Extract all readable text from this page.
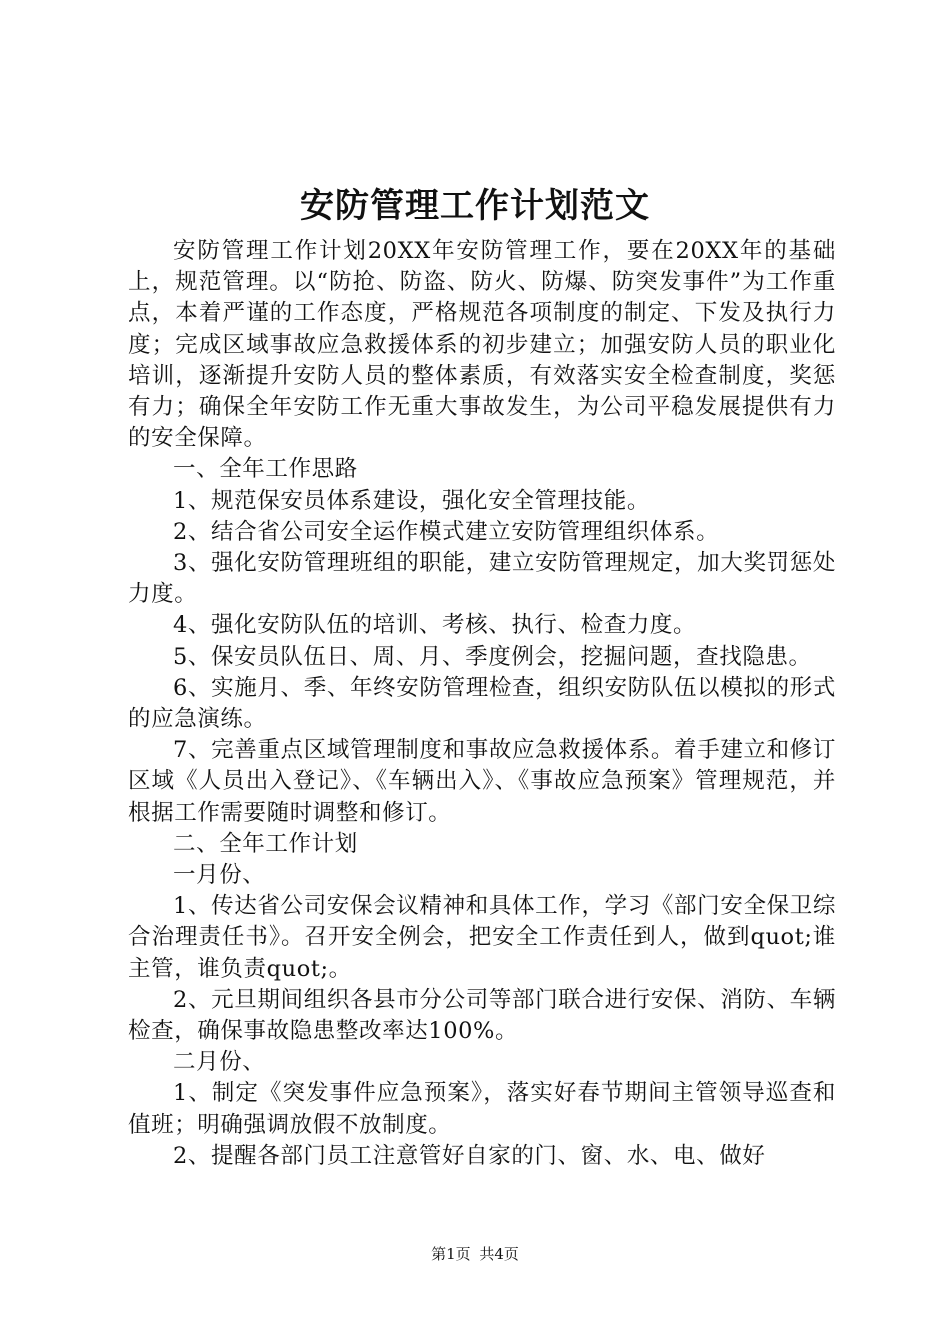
安防管理工作计划范文

安防管理工作计划20XX年安防管理工作，要在20XX年的基础上，规范管理。以“防抢、防盗、防火、防爆、防突发事件”为工作重点，本着严谨的工作态度，严格规范各项制度的制定、下发及执行力度；完成区域事故应急救援体系的初步建立；加强安防人员的职业化培训，逐渐提升安防人员的整体素质，有效落实安全检查制度，奖惩有力；确保全年安防工作无重大事故发生，为公司平稳发展提供有力的安全保障。

一、全年工作思路

1、规范保安员体系建设，强化安全管理技能。

2、结合省公司安全运作模式建立安防管理组织体系。

3、强化安防管理班组的职能，建立安防管理规定，加大奖罚惩处力度。

4、强化安防队伍的培训、考核、执行、检查力度。

5、保安员队伍日、周、月、季度例会，挖掘问题，查找隐患。

6、实施月、季、年终安防管理检查，组织安防队伍以模拟的形式的应急演练。

7、完善重点区域管理制度和事故应急救援体系。着手建立和修订区域《人员出入登记》、《车辆出入》、《事故应急预案》管理规范，并根据工作需要随时调整和修订。

二、全年工作计划

一月份、

1、传达省公司安保会议精神和具体工作，学习《部门安全保卫综合治理责任书》。召开安全例会，把安全工作责任到人，做到quot;谁主管，谁负责quot;。

2、元旦期间组织各县市分公司等部门联合进行安保、消防、车辆检查，确保事故隐患整改率达100%。

二月份、

1、制定《突发事件应急预案》，落实好春节期间主管领导巡查和值班；明确强调放假不放制度。

2、提醒各部门员工注意管好自家的门、窗、水、电、做好

第1页 共4页
